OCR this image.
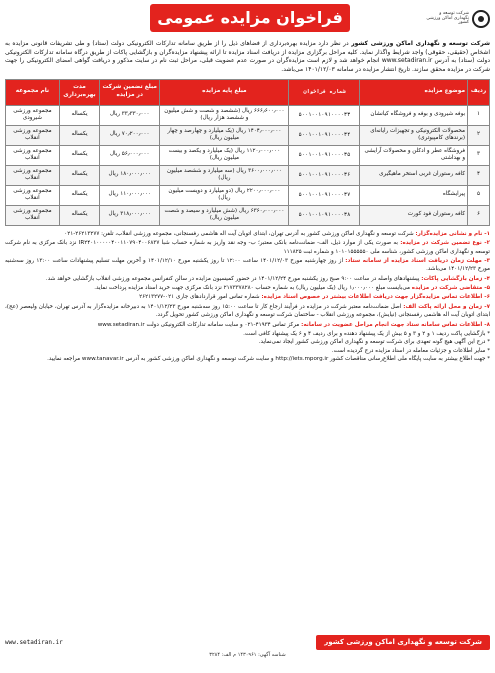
شرکت توسعه و نگهداری اماکن ورزشی کشور
فراخوان مزایده عمومی
شرکت توسعه و نگهداری اماکن ورزشی کشور در نظر دارد مزایده بهره‌برداری از فضاهای ذیل را از طریق سامانه تدارکات الکترونیکی دولت (ستاد) و طی تشریفات قانونی مزایده به اشخاص (حقیقی، حقوقی) واجد شرایط واگذار نماید. کلیه مراحل برگزاری مزایده از دریافت اسناد مزایده تا ارائه پیشنهاد مزایده‌گران و بازگشایی پاکات از طریق درگاه سامانه تدارکات الکترونیکی دولت (ستاد) به آدرس www.setadiran.ir انجام خواهد شد و لازم است مزایده‌گران در صورت عدم عضویت قبلی، مراحل ثبت نام در سایت مذکور و دریافت گواهی امضای الکترونیکی را جهت شرکت در مزایده محقق سازند. تاریخ انتشار مزایده در سامانه ۱۴۰۱/۱۲/۰۳ می‌باشد.
ردیف	موضوع مزایده	شماره فراخوان	مبلغ پایه مزایده	مبلغ تضمین شرکت در مزایده	مدت بهره‌برداری	نام مجموعه
۱	بوفه شیرودی و بوفه و فروشگاه کیانشان	۵۰۰۱۰۰۱۰۹۱۰۰۰۰۳۳	۶۶۶٫۶۰۰٫۰۰۰ ریال (ششصد و شصت و شش میلیون و ششصد هزار ریال)	۳۳٫۳۳۰٫۰۰۰ ریال	یکساله	مجموعه ورزشی شیرودی
۲	محصولات الکترونیکی و تجهیزات رایانه‌ای (برندهای کامپیوتری)	۵۰۰۱۰۰۱۰۹۱۰۰۰۰۳۴	۱۴۰۴٫۰۰۰٫۰۰۰ ریال (یک میلیارد و چهارصد و چهار میلیون ریال)	۷۰٫۲۰۰٫۰۰۰ ریال	یکساله	مجموعه ورزشی انقلاب
۳	فروشگاه عطر و ادکلن و محصولات آرایشی و بهداشتی	۵۰۰۱۰۰۱۰۹۱۰۰۰۰۳۵	۱۱۲۰٫۰۰۰٫۰۰۰ ریال (یک میلیارد و یکصد و بیست میلیون ریال)	۵۶٫۰۰۰٫۰۰۰ ریال	یکساله	مجموعه ورزشی انقلاب
۴	کافه رستوران غربی استخر ماهیگیری	۵۰۰۱۰۰۱۰۹۱۰۰۰۰۳۶	۳۶۰۰٫۰۰۰٫۰۰۰ ریال (سه میلیارد و ششصد میلیون ریال)	۱۸۰٫۰۰۰٫۰۰۰ ریال	یکساله	مجموعه ورزشی انقلاب
۵	پیرایشگاه	۵۰۰۱۰۰۱۰۹۱۰۰۰۰۳۷	۲۲۰۰٫۰۰۰٫۰۰۰ ریال (دو میلیارد و دویست میلیون ریال)	۱۱۰٫۰۰۰٫۰۰۰ ریال	یکساله	مجموعه ورزشی انقلاب
۶	کافه رستوران فود کورت	۵۰۰۱۰۰۱۰۹۱۰۰۰۰۳۸	۶۳۶۰٫۰۰۰٫۰۰۰ ریال (شش میلیارد و سیصد و شصت میلیون ریال)	۳۱۸٫۰۰۰٫۰۰۰ ریال	یکساله	مجموعه ورزشی انقلاب
۱- نام و نشانی مزایده‌گزار: شرکت توسعه و نگهداری اماکن ورزشی کشور به آدرس تهران، ابتدای اتوبان آیت اله هاشمی رفسنجانی، مجموعه ورزشی انقلاب، تلفن: ۲۶۲۱۳۲۷۷-۰۲۱
۲- نوع تضمین شرکت در مزایده: به صورت یکی از موارد ذیل، الف- ضمانت‌نامه بانکی معتبر؛ ب- وجه نقد واریز به شماره حساب شبا IR۲۴۰۱۰۰۰۰۰۴۰۰۱۱۰۷۹۰۴۰۰۶۸۳۷ نزد بانک مرکزی به نام شرکت توسعه و نگهداری اماکن ورزشی کشور، شناسه ملی ۱۰۱۰۱۵۵۵۵۵۰ و شماره ثبت ۱۱۱۸۲۵
۳- مهلت زمان دریافت اسناد مزایده از سامانه ستاد: از روز چهارشنبه مورخ ۱۴۰۱/۱۲/۰۳ ساعت ۱۲:۰۰ تا روز یکشنبه مورخ ۱۴۰۱/۱۲/۱۰ و آخرین مهلت تسلیم پیشنهادات ساعت ۱۳:۰۰ روز سه‌شنبه مورخ ۱۴۰۱/۱۲/۲۳ می‌باشد.
۴- زمان بازگشایی پاکات: پیشنهادهای واصله در ساعت ۹:۰۰ صبح روز یکشنبه مورخ ۱۴۰۱/۱۲/۲۴ در حضور کمیسیون مزایده در سالن کنفرانس مجموعه ورزشی انقلاب بازگشایی خواهد شد.
۵- متقاضی شرکت در مزایده می‌بایست مبلغ ۱٫۰۰۰٫۰۰۰ ریال (یک میلیون ریال) به شماره حساب ۲۱۷۳۳۷۸۲۸۰ نزد بانک مرکزی جهت خرید اسناد مزایده پرداخت نماید.
۶- اطلاعات تماس مزایده‌گزار جهت دریافت اطلاعات بیشتر در خصوص اسناد مزایده: شماره تماس امور قراردادهای جاری ۰۲۱-۲۶۲۱۳۲۷۷
۷- زمان و محل ارائه پاکت الف: اصل ضمانت‌نامه معتبر شرکت در مزایده در فرآیند ارجاع کار تا ساعت ۱۵:۰۰ روز سه‌شنبه مورخ ۱۴۰۱/۱۲/۲۳ به دبیرخانه مزایده‌گزار به آدرس تهران، خیابان ولیعصر (عج)، ابتدای اتوبان آیت اله هاشمی رفسنجانی (نیایش)، مجموعه ورزشی انقلاب - ساختمان شرکت توسعه و نگهداری اماکن ورزشی کشور تحویل گردد.
۸- اطلاعات تماس سامانه ستاد جهت انجام مراحل عضویت در سامانه: مرکز تماس ۴۱۹۳۴-۰۲۱ و سایت سامانه تدارکات الکترونیکی دولت www.setadiran.ir
* بازگشایی پاکت ردیف ۱ و ۲ و ۳ و ۵ بیش از یک پیشنهاد دهنده و برای ردیف ۴ و ۶ یک پیشنهاد کافی است.
* درج این آگهی هیچ گونه تعهدی برای شرکت توسعه و نگهداری اماکن ورزشی کشور ایجاد نمی‌نماید.
* سایر اطلاعات و جزئیات معامله در اسناد مزایده درج گردیده است.
* جهت اطلاع بیشتر به سایت پایگاه ملی اطلاع‌رسانی مناقصات کشور http://iets.mporg.ir و سایت شرکت توسعه و نگهداری اماکن ورزشی کشور به آدرس www.tanavar.ir مراجعه نمایید.
شرکت توسعه و نگهداری اماکن ورزشی کشور
www.setadiran.ir
شناسه آگهی: ۱۴۳۰۹۶۱ م الف: ۳۲۸۴
